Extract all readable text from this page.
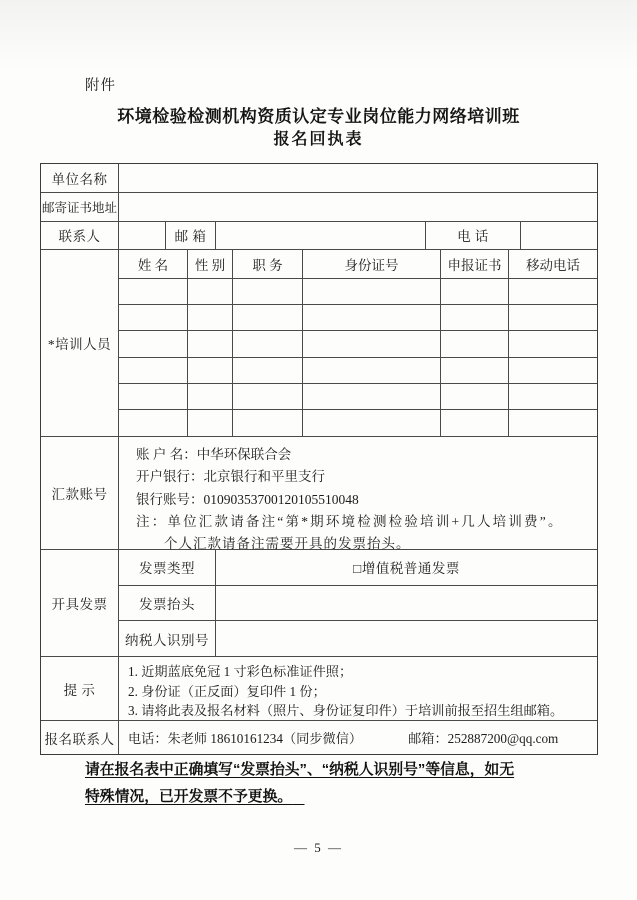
附件
环境检验检测机构资质认定专业岗位能力网络培训班
报名回执表
单位名称
邮寄证书地址
联系人	邮 箱	电 话
*培训人员
姓 名	性 别	职 务	身份证号	申报证书	移动电话
汇款账号
账 户 名：中华环保联合会
开户银行：北京银行和平里支行
银行账号：01090353700120105510048
注：单位汇款请备注“第*期环境检测检验培训+几人培训费”。
个人汇款请备注需要开具的发票抬头。
开具发票
发票类型	□增值税普通发票
发票抬头
纳税人识别号
提 示
1. 近期蓝底免冠 1 寸彩色标准证件照；
2. 身份证（正反面）复印件 1 份；
3. 请将此表及报名材料（照片、身份证复印件）于培训前报至招生组邮箱。
报名联系人	电话：朱老师 18610161234（同步微信）	邮箱：252887200@qq.com
请在报名表中正确填写“发票抬头”、“纳税人识别号”等信息，如无
特殊情况，已开发票不予更换。
— 5 —
